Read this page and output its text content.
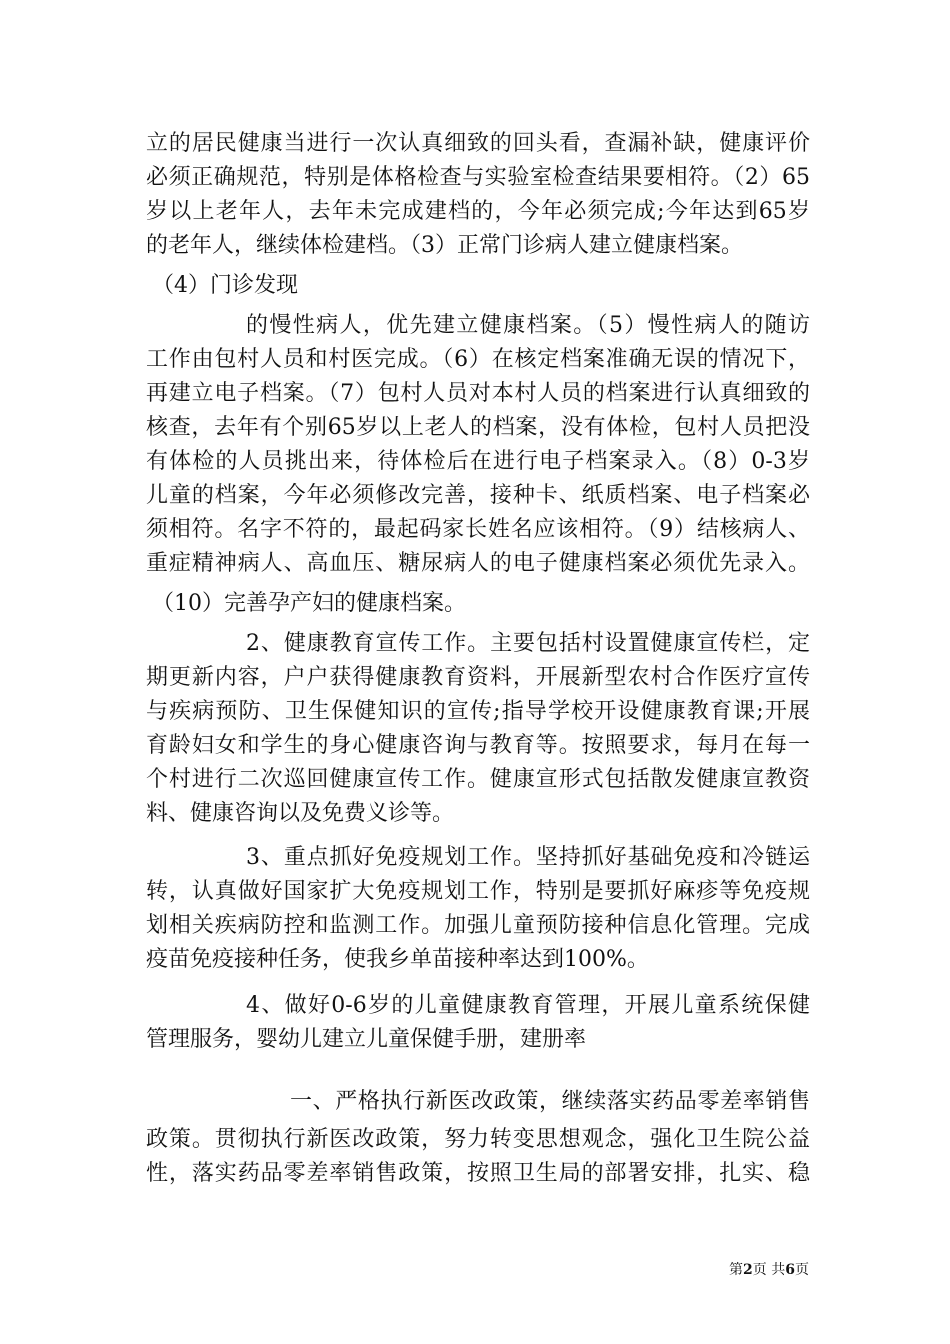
立的居民健康当进行一次认真细致的回头看，查漏补缺，健康评价
必须正确规范，特别是体格检查与实验室检查结果要相符。（2）65
岁以上老年人，去年未完成建档的，今年必须完成;今年达到65岁
的老年人，继续体检建档。（3）正常门诊病人建立健康档案。
（4）门诊发现
的慢性病人，优先建立健康档案。（5）慢性病人的随访
工作由包村人员和村医完成。（6）在核定档案准确无误的情况下，
再建立电子档案。（7）包村人员对本村人员的档案进行认真细致的
核查，去年有个别65岁以上老人的档案，没有体检，包村人员把没
有体检的人员挑出来，待体检后在进行电子档案录入。（8）0-3岁
儿童的档案，今年必须修改完善，接种卡、纸质档案、电子档案必
须相符。名字不符的，最起码家长姓名应该相符。（9）结核病人、
重症精神病人、高血压、糖尿病人的电子健康档案必须优先录入。
（10）完善孕产妇的健康档案。
2、健康教育宣传工作。主要包括村设置健康宣传栏，定
期更新内容，户户获得健康教育资料，开展新型农村合作医疗宣传
与疾病预防、卫生保健知识的宣传;指导学校开设健康教育课;开展
育龄妇女和学生的身心健康咨询与教育等。按照要求，每月在每一
个村进行二次巡回健康宣传工作。健康宣形式包括散发健康宣教资
料、健康咨询以及免费义诊等。
3、重点抓好免疫规划工作。坚持抓好基础免疫和冷链运
转，认真做好国家扩大免疫规划工作，特别是要抓好麻疹等免疫规
划相关疾病防控和监测工作。加强儿童预防接种信息化管理。完成
疫苗免疫接种任务，使我乡单苗接种率达到100%。
4、做好0-6岁的儿童健康教育管理，开展儿童系统保健
管理服务，婴幼儿建立儿童保健手册，建册率
一、严格执行新医改政策，继续落实药品零差率销售
政策。贯彻执行新医改政策，努力转变思想观念，强化卫生院公益
性，落实药品零差率销售政策，按照卫生局的部署安排，扎实、稳
第2页 共6页
